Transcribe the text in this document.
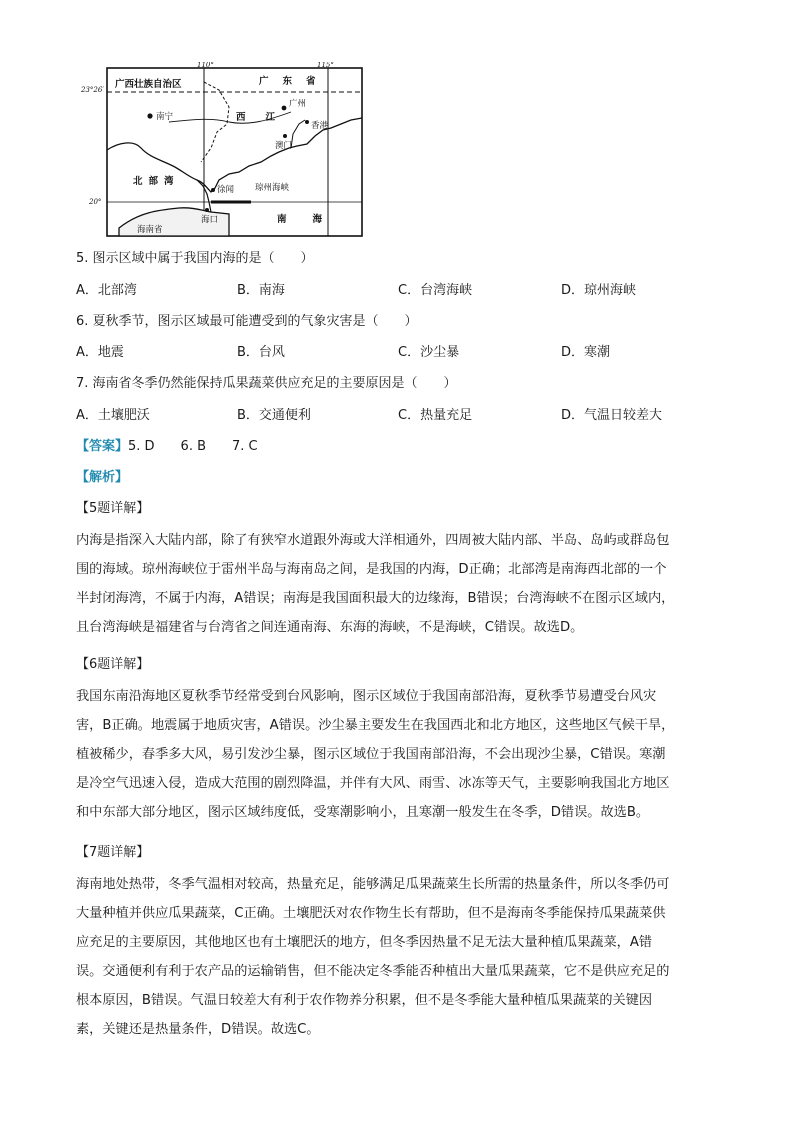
110°	115°
23°26′
20°
广西壮族自治区	广东省
南宁	西江
广州
香港
澳门
北部湾
徐闻 琼州海峡
海口
海南省
南海
5. 图示区域中属于我国内海的是（　　）
A．北部湾	B．南海	C．台湾海峡	D．琼州海峡
6. 夏秋季节，图示区域最可能遭受到的气象灾害是（　　）
A．地震	B．台风	C．沙尘暴	D．寒潮
7. 海南省冬季仍然能保持瓜果蔬菜供应充足的主要原因是（　　）
A．土壤肥沃	B．交通便利	C．热量充足	D．气温日较差大
【答案】5. D　　6. B　　7. C
【解析】
【5题详解】
内海是指深入大陆内部，除了有狭窄水道跟外海或大洋相通外，四周被大陆内部、半岛、岛屿或群岛包
围的海域。琼州海峡位于雷州半岛与海南岛之间，是我国的内海，D正确；北部湾是南海西北部的一个
半封闭海湾，不属于内海，A错误；南海是我国面积最大的边缘海，B错误；台湾海峡不在图示区域内，
且台湾海峡是福建省与台湾省之间连通南海、东海的海峡，不是海峡，C错误。故选D。
【6题详解】
我国东南沿海地区夏秋季节经常受到台风影响，图示区域位于我国南部沿海，夏秋季节易遭受台风灾
害，B正确。地震属于地质灾害，A错误。沙尘暴主要发生在我国西北和北方地区，这些地区气候干旱，
植被稀少，春季多大风，易引发沙尘暴，图示区域位于我国南部沿海，不会出现沙尘暴，C错误。寒潮
是冷空气迅速入侵，造成大范围的剧烈降温，并伴有大风、雨雪、冰冻等天气，主要影响我国北方地区
和中东部大部分地区，图示区域纬度低，受寒潮影响小，且寒潮一般发生在冬季，D错误。故选B。
【7题详解】
海南地处热带，冬季气温相对较高，热量充足，能够满足瓜果蔬菜生长所需的热量条件，所以冬季仍可
大量种植并供应瓜果蔬菜，C正确。土壤肥沃对农作物生长有帮助，但不是海南冬季能保持瓜果蔬菜供
应充足的主要原因，其他地区也有土壤肥沃的地方，但冬季因热量不足无法大量种植瓜果蔬菜，A错
误。交通便利有利于农产品的运输销售，但不能决定冬季能否种植出大量瓜果蔬菜，它不是供应充足的
根本原因，B错误。气温日较差大有利于农作物养分积累，但不是冬季能大量种植瓜果蔬菜的关键因
素，关键还是热量条件，D错误。故选C。
